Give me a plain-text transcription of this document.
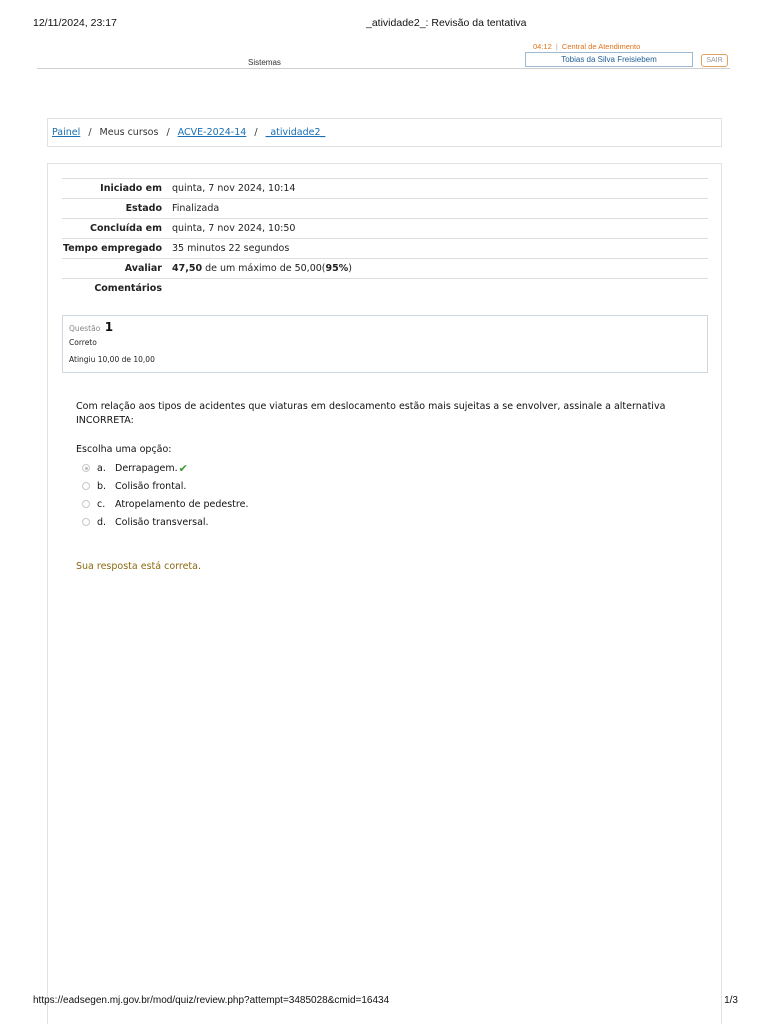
12/11/2024, 23:17	_atividade2_: Revisão da tentativa
04:12 | Central de Atendimento
Sistemas	Tobias da Silva Freisiebem	SAIR
Painel / Meus cursos / ACVE-2024-14 / _atividade2_
Iniciado em	quinta, 7 nov 2024, 10:14
Estado	Finalizada
Concluída em	quinta, 7 nov 2024, 10:50
Tempo empregado	35 minutos 22 segundos
Avaliar	47,50 de um máximo de 50,00(95%)
Comentários	
Questão 1
Correto
Atingiu 10,00 de 10,00
Com relação aos tipos de acidentes que viaturas em deslocamento estão mais sujeitas a se envolver, assinale a alternativa INCORRETA:
Escolha uma opção:
a. Derrapagem. ✔
b. Colisão frontal.
c.	Atropelamento de pedestre.
d. Colisão transversal.
Sua resposta está correta.
https://eadsegen.mj.gov.br/mod/quiz/review.php?attempt=3485028&cmid=16434	1/3
